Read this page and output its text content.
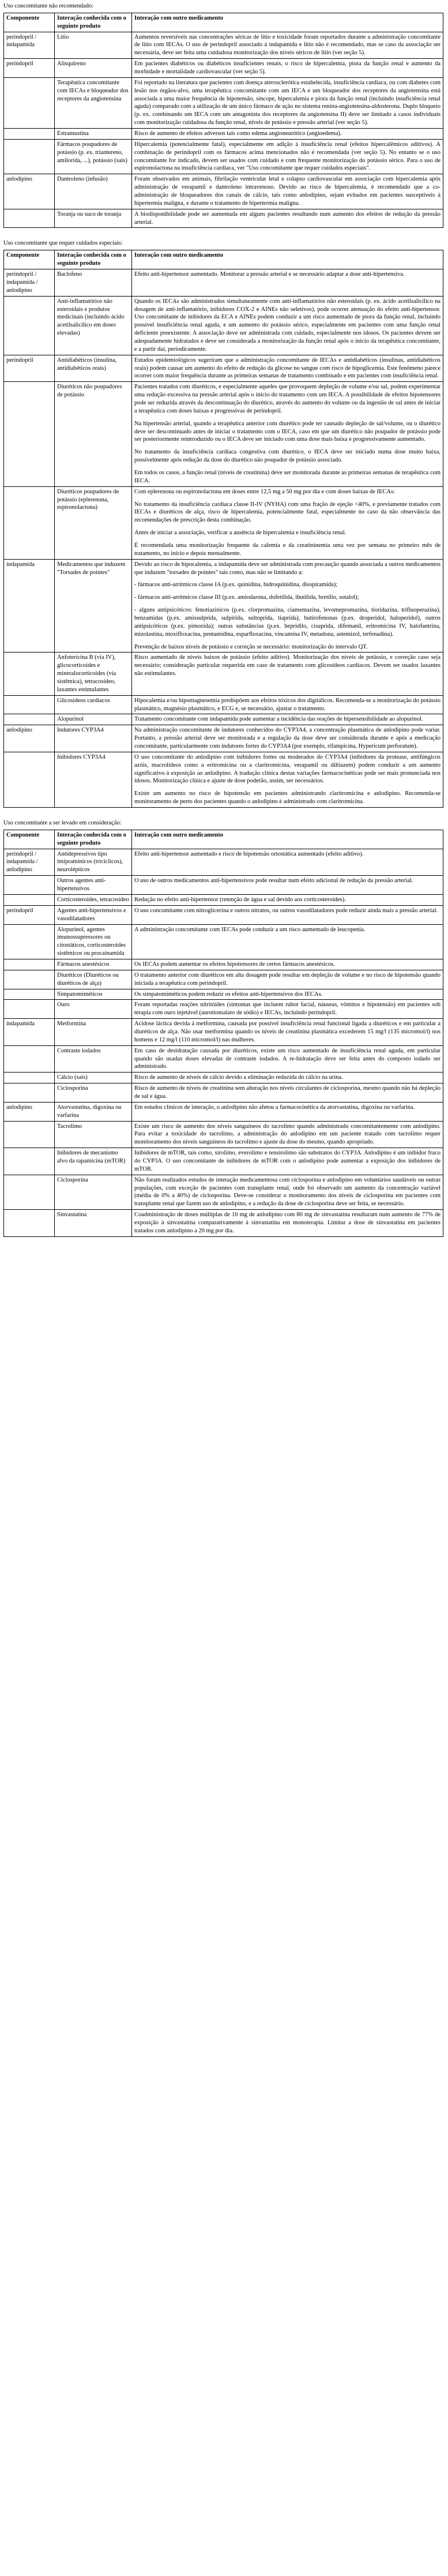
Uso concomitante não recomendado:
Componente	Interação conhecida com o seguinte produto	Interação com outro medicamento
perindopril / indapamida	Lítio	Aumentos reversíveis nas concentrações séricas de lítio e toxicidade foram reportados durante a administração concomitante de lítio com IECAs. O uso de perindopril associado à indapamida e lítio não é recomendado, mas se caso da associação ser necessária, deve ser feita uma cuidadosa monitorização dos níveis séricos de lítio (ver seção 5).

perindopril	Alisquireno	Em pacientes diabéticos ou diabéticos insuficientes renais, o risco de hipercalemia, piora da função renal e aumento da morbidade e mortalidade cardiovascular (ver seção 5).

	Terapêutica concomitante com IECAs e bloqueador dos receptores da angiotensina	Foi reportado na literatura que pacientes com doença aterosclerótica estabelecida, insuficiência cardíaca, ou com diabetes com lesão nos órgãos-alvo, uma terapêutica concomitante com um IECA e um bloqueador dos receptores da angiotensina está associada a uma maior frequência de hipotensão, síncope, hipercalemia e piora da função renal (incluindo insuficiência renal aguda) comparado com a utilização de um único fármaco de ação no sistema renina-angiotensina-aldosterona. Duplo bloqueio (p. ex. combinando um IECA com um antagonista dos receptores da angiotensina II) deve ser limitado a casos individuais com monitorização cuidadosa da função renal, níveis de potássio e pressão arterial (ver seção 5).

	Estramustina	Risco de aumento de efeitos adversos tais como edema angioneurótico (angioedema).

	Fármacos poupadores de potássio (p. ex. triantereno, amilorida, ...), potássio (sais)	Hipercalemia (potencialmente fatal), especialmente em adição à insuficiência renal (efeitos hipercalêmicos aditivos). A combinação de perindopril com os fármacos acima mencionados não é recomendada (ver seção 5). No entanto se o uso concomitante for indicado, devem ser usados com cuidado e com frequente monitorização do potássio sérico. Para o uso de espironolactona na insuficiência cardíaca, ver "Uso concomitante que requer cuidados especiais".

anlodipino	Dantroleno (infusão)	Foram observados em animais, fibrilação ventricular letal e colapso cardiovascular em associação com hipercalemia após administração de verapamil e dantroleno intravenoso. Devido ao risco de hipercalemia, é recomendado que a co-administração de bloqueadores dos canais de cálcio, tais como anlodipino, sejam evitados em pacientes susceptíveis à hipertermia maligna, e durante o tratamento de hipertermia maligna.

	Toranja ou suco de toranja	A biodisponibilidade pode ser aumentada em alguns pacientes resultando num aumento dos efeitos de redução da pressão arterial.
Uso concomitante que requer cuidados especiais:
Componente	Interação conhecida com o seguinte produto	Interação com outro medicamento
perindopril / indapamida / anlodipino	Baclofeno	Efeito anti-hipertensor aumentado. Monitorar a pressão arterial e se necessário adaptar a dose anti-hipertensiva.

	Anti-inflamatórios não esteroidais e produtos medicinais (incluindo ácido acetilsalicílico em doses elevadas)	Quando os IECAs são administrados simultaneamente com anti-inflamatórios não esteroidais (p. ex. ácido acetilsalicílico na dosagem de anti-inflamatório, inibidores COX-2 e AINEs não seletivos), pode ocorrer atenuação do efeito anti-hipertensor. Uso concomitante de inibidores da ECA e AINEs podem conduzir a um risco aumentado de piora da função renal, incluindo possível insuficiência renal aguda, e um aumento do potássio sérico, especialmente em pacientes com uma função renal deficiente preexistente. A associação deve ser administrada com cuidado, especialmente nos idosos. Os pacientes devem ser adequadamente hidratados e deve ser considerada a monitorização da função renal após o início da terapêutica concomitante, e a partir daí, periodicamente.

perindopril	Antidiabéticos (insulina, antidiabéticos orais)	Estudos epidemiológicos sugeriram que a administração concomitante de IECAs e antidiabéticos (insulinas, antidiabéticos orais) podem causar um aumento do efeito de redução da glicose no sangue com risco de hipoglicemia. Este fenômeno parece ocorrer com maior frequência durante as primeiras semanas de tratamento combinado e em pacientes com insuficiência renal.

	Diuréticos não poupadores de potássio	Pacientes tratados com diuréticos, e especialmente aqueles que provoquem depleção de volume e/ou sal, podem experimentar uma redução excessiva na pressão arterial após o início do tratamento com um IECA. A possibilidade de efeitos hipotensores pode ser reduzida através da descontinuação do diurético, através do aumento do volume ou da ingestão de sal antes de iniciar a terapêutica com doses baixas e progressivas de perindopril.
Na hipertensão arterial, quando a terapêutica anterior com diurético pode ter causado depleção de sal/volume, ou o diurético deve ser descontinuado antes de iniciar o tratamento com o IECA, caso em que um diurético não poupador de potássio pode ser posteriormente reintroduzido ou o IECA deve ser iniciado com uma dose mais baixa e progressivamente aumentado.
No tratamento da insuficiência cardíaca congestiva com diurético, o IECA deve ser iniciado numa dose muito baixa, possivelmente após redução da dose do diurético não poupador de potássio associado.
Em todos os casos, a função renal (níveis de creatinina) deve ser monitorada durante as primeiras semanas de terapêutica com IECA.

	Diuréticos poupadores de potássio (eplerenona, espironolactona)	Com eplerenona ou espironolactona em doses entre 12,5 mg a 50 mg por dia e com doses baixas de IECAs:
No tratamento da insuficiência cardíaca classe II-IV (NYHA) com uma fração de ejeção <40%, e previamente tratados com IECAs e diuréticos de alça, risco de hipercalemia, potencialmente fatal, especialmente no caso da não observância das recomendações de prescrição desta combinação.
Antes de iniciar a associação, verificar a ausência de hipercalemia e insuficiência renal.
É recomendada uma monitorização frequente da calemia e da creatininemia uma vez por semana no primeiro mês de tratamento, no início e depois mensalmente.

indapamida	Medicamentos que induzem "Torsades de pointes"	Devido ao risco de hipocalemia, a indapamida deve ser administrada com precaução quando associada a outros medicamentos que induzem "torsades de pointes" tais como, mas não se limitando a:
- fármacos anti-arrítmicos classe IA (p.ex. quinidina, hidroquinidina, disopiramida);
- fármacos anti-arrítmicos classe III (p.ex. amiodarona, dofetilida, ibutilida, bretílio, sotalol);
- alguns antipsicóticos: fenotiazínicos (p.ex. clorpromazina, ciamemazina, levomepromazina, tioridazina, trifluoperazina), benzamidas (p.ex. amissulprida, sulpirida, sultoprida, tiaprida), butirofenonas (p.ex. droperidol, haloperidol), outros antipsicóticos (p.ex. pimozida); outras substâncias (p.ex. bepridilo, cisaprida, difemanil, eritromicina IV, halofantrina, mizolastina, moxifloxacina, pentamidina, esparfloxacina, vincamina IV, metadona, astemizol, terfenadina).
Prevenção de baixos níveis de potássio e correção se necessário: monitorização do intervalo QT.

	Anfotericina B (via IV), glicocorticoides e mineralocorticoides (via sistêmica), tetracosídeo, laxantes estimulantes	Risco aumentado de níveis baixos de potássio (efeito aditivo). Monitorização dos níveis de potássio, e correção caso seja necessário; consideração particular requerida em caso de tratamento com glicosídeos cardíacos. Devem ser usados laxantes não estimulantes.

	Glicosídeos cardíacos	Hipocalemia e/ou hipomagnesemia predispõem aos efeitos tóxicos dos digitálicos. Recomenda-se a monitorização do potássio plasmático, magnésio plasmático, e ECG e, se necessário, ajustar o tratamento.

	Alopurinol	Tratamento concomitante com indapamida pode aumentar a incidência das reações de hipersensibilidade ao alopurinol.

anlodipino	Indutores CYP3A4	Na administração concomitante de indutores conhecidos do CYP3A4, a concentração plasmática de anlodipino pode variar. Portanto, a pressão arterial deve ser monitorada e a regulação da dose deve ser considerada durante e após a medicação concomitante, particularmente com indutores fortes do CYP3A4 (por exemplo, rifampicina, Hypericum perforatum).

	Inibidores CYP3A4	O uso concomitante do anlodipino com inibidores fortes ou moderados do CYP3A4 (inibidores da protease, antifúngicos azóis, macrolídeos como a eritromicina ou a claritromicina, verapamil ou diltiazem) podem conduzir a um aumento significativo à exposição ao anlodipino. A tradução clínica destas variações farmacocinéticas pode ser mais pronunciada nos idosos. Monitorização clínica e ajuste de dose poderão, assim, ser necessários.
Existe um aumento no risco de hipotensão em pacientes administrando claritromicina e anlodipino. Recomenda-se monitoramento de perto dos pacientes quando o anlodipino é administrado com claritromicina.
Uso concomitante a ser levado em consideração:
Componente	Interação conhecida com o seguinte produto	Interação com outro medicamento
perindopril / indapamida / anlodipino	Antidepressivos tipo imipramínicos (tricíclicos), neurolépticos	Efeito anti-hipertensor aumentado e risco de hipotensão ortostática aumentado (efeito aditivo).

	Outros agentes anti-hipertensivos	O uso de outros medicamentos anti-hipertensivos pode resultar num efeito adicional de redução da pressão arterial.

	Corticosteroides, tetracosídeo	Redução no efeito anti-hipertensor (retenção de água e sal devido aos corticosteroides).

perindopril	Agentes anti-hipertensivos e vasodilatadores	O uso concomitante com nitroglicerina e outros nitratos, ou outros vasodilatadores pode reduzir ainda mais a pressão arterial.

	Alopurinol, agentes imunossupressores ou citostáticos, corticosteroides sistêmicos ou procainamida	A administração concomitante com IECAs pode conduzir a um risco aumentado de leucopenia.

	Fármacos anestésicos	Os IECAs podem aumentar os efeitos hipotensores de certos fármacos anestésicos.

	Diuréticos (Diuréticos ou diuréticos de alça)	O tratamento anterior com diuréticos em alta dosagem pode resultar em depleção de volume e no risco de hipotensão quando iniciada a terapêutica com perindopril.

	Simpatomiméticos	Os simpatomiméticos podem reduzir os efeitos anti-hipertensivos dos IECAs.

	Ouro	Foram reportadas reações nitritóides (sintomas que incluem rubor facial, náuseas, vômitos e hipotensão) em pacientes sob terapia com ouro injetável (aurotiomalato de sódio) e IECAs, incluindo perindopril.

indapamida	Metformina	Acidose láctica devida à metformina, causada por possível insuficiência renal funcional ligada a diuréticos e em particular a diuréticos de alça. Não usar metformina quando os níveis de creatinina plasmática excederem 15 mg/l (135 micromol/l) nos homens e 12 mg/l (110 micromol/l) nas mulheres.

	Contraste iodados	Em caso de desidratação causada por diuréticos, existe um risco aumentado de insuficiência renal aguda, em particular quando são usadas doses elevadas de contraste iodados. A re-hidratação deve ser feita antes do composto iodado ser administrado.

	Cálcio (sais)	Risco de aumento de níveis de cálcio devido a eliminação reduzida do cálcio na urina.

	Ciclosporina	Risco de aumento de níveis de creatinina sem alteração nos níveis circulantes de ciclosporina, mesmo quando não há depleção de sal e água.

anlodipino	Atorvastatina, digoxina ou varfarina	Em estudos clínicos de interação, o anlodipino não afetou a farmacocinética da atorvastatina, digoxina ou varfarina.

	Tacrolimo	Existe um risco de aumento dos níveis sanguíneos do tacrolimo quando administrado concomitantemente com anlodipino. Para evitar a toxicidade do tacrolimo, a administração do anlodipino em um paciente tratado com tacrolimo requer monitoramento dos níveis sanguíneos do tacrolimo e ajuste da dose do mesmo, quando apropriado.

	Inibidores de mecanismo alvo da rapamicina (mTOR)	Inibidores de mTOR, tais como, sirolimo, everolimo e tensirolimo são substratos do CYP3A. Anlodipino é um inibidor fraco do CYP3A. O uso concomitante de inibidores de mTOR com o anlodipino pode aumentar a exposição dos inibidores de mTOR.

	Ciclosporina	Não foram realizados estudos de interação medicamentosa com ciclosporina e anlodipino em voluntários saudáveis ou outras populações, com exceção de pacientes com transplante renal, onde foi observado um aumento da concentração variável (média de 0% a 40%) de ciclosporina. Deve-se considerar o monitoramento dos níveis de ciclosporina em pacientes com transplante renal que fazem uso de anlodipino, e a redução da dose de ciclosporina deve ser feita, se necessário.

	Sinvastatina	Coadministração de doses múltiplas de 10 mg de anlodipino com 80 mg de sinvastatina resultaram num aumento de 77% de exposição à sinvastatina comparativamente à sinvastatina em monoterapia. Limitar a dose de sinvastatina em pacientes tratados com anlodipino a 20 mg por dia.
